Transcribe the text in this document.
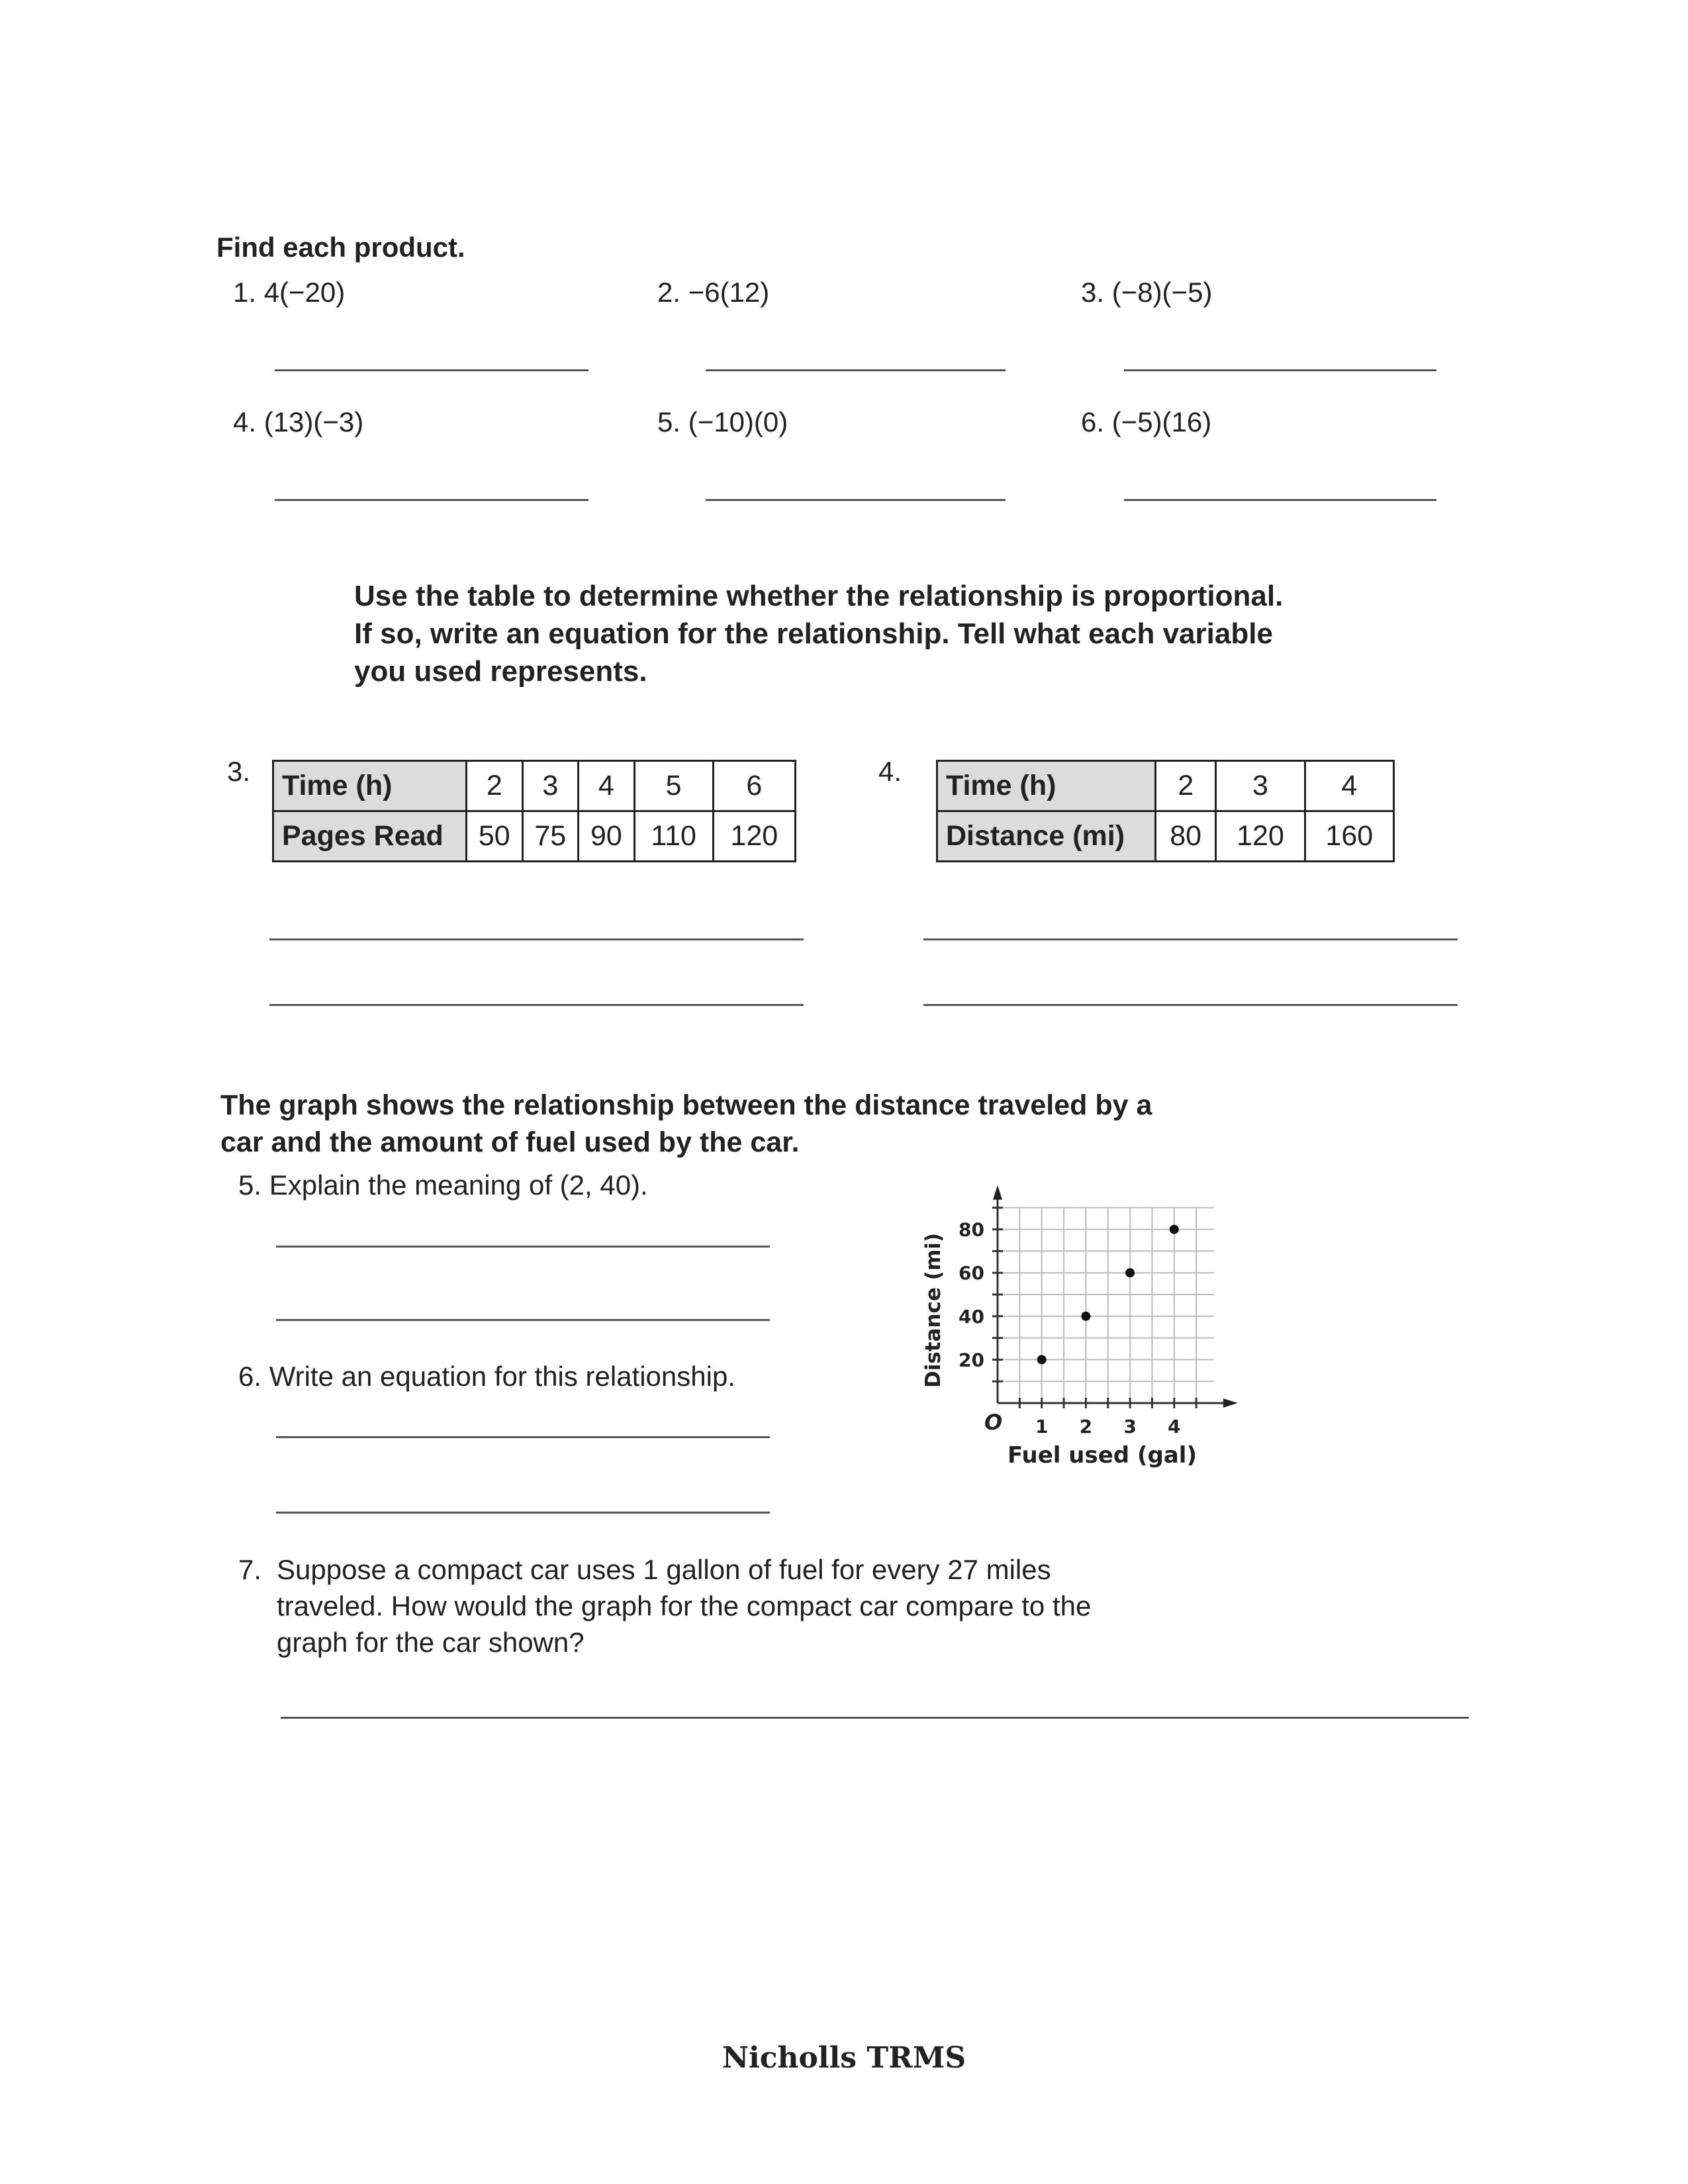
Find each product.
1. 4(−20)	2. −6(12)	3. (−8)(−5)
4. (13)(−3)	5. (−10)(0)	6. (−5)(16)
Use the table to determine whether the relationship is proportional.
If so, write an equation for the relationship. Tell what each variable
you used represents.
3. Time (h)	2	3	4	5	6
Pages Read	50	75	90	110	120
4. Time (h)	2	3	4
Distance (mi)	80	120	160
The graph shows the relationship between the distance traveled by a
car and the amount of fuel used by the car.
5. Explain the meaning of (2, 40).
6. Write an equation for this relationship.
7. Suppose a compact car uses 1 gallon of fuel for every 27 miles
traveled. How would the graph for the compact car compare to the
graph for the car shown?
1 2 3 4
20
40
60
80
O
Fuel used (gal)
Distance (mi)
Nicholls TRMS
